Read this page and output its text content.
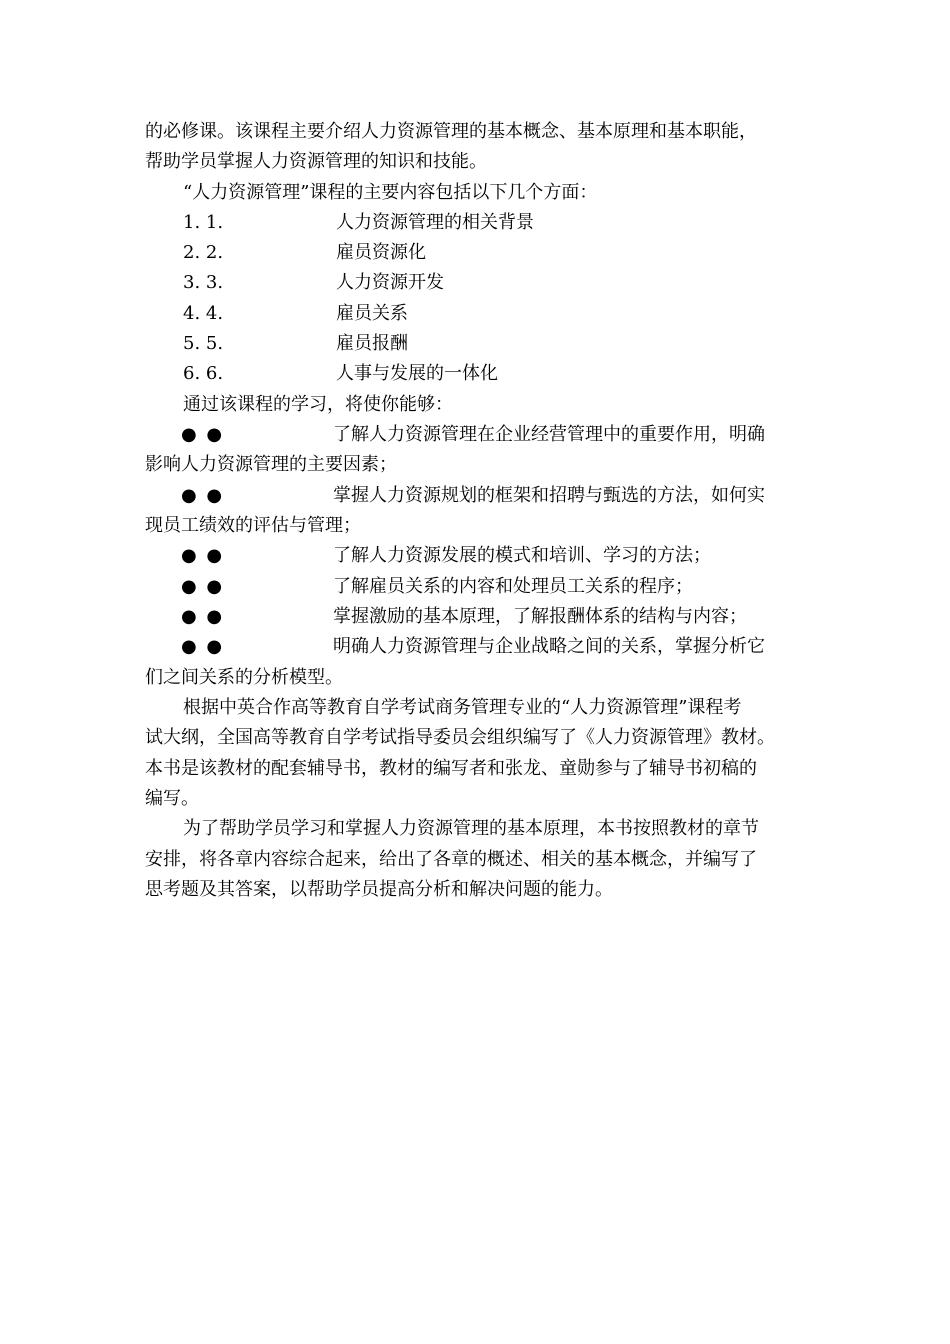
的必修课。该课程主要介绍人力资源管理的基本概念、基本原理和基本职能，
帮助学员掌握人力资源管理的知识和技能。
“人力资源管理”课程的主要内容包括以下几个方面：
1. 1.	人力资源管理的相关背景
2. 2.	雇员资源化
3. 3.	人力资源开发
4. 4.	雇员关系
5. 5.	雇员报酬
6. 6.	人事与发展的一体化
通过该课程的学习，将使你能够：
● ●	了解人力资源管理在企业经营管理中的重要作用，明确
影响人力资源管理的主要因素；
● ●	掌握人力资源规划的框架和招聘与甄选的方法，如何实
现员工绩效的评估与管理；
● ●	了解人力资源发展的模式和培训、学习的方法；
● ●	了解雇员关系的内容和处理员工关系的程序；
● ●	掌握激励的基本原理，了解报酬体系的结构与内容；
● ●	明确人力资源管理与企业战略之间的关系，掌握分析它
们之间关系的分析模型。
根据中英合作高等教育自学考试商务管理专业的“人力资源管理”课程考
试大纲，全国高等教育自学考试指导委员会组织编写了《人力资源管理》教材。
本书是该教材的配套辅导书，教材的编写者和张龙、童勋参与了辅导书初稿的
编写。
为了帮助学员学习和掌握人力资源管理的基本原理，本书按照教材的章节
安排，将各章内容综合起来，给出了各章的概述、相关的基本概念，并编写了
思考题及其答案，以帮助学员提高分析和解决问题的能力。
